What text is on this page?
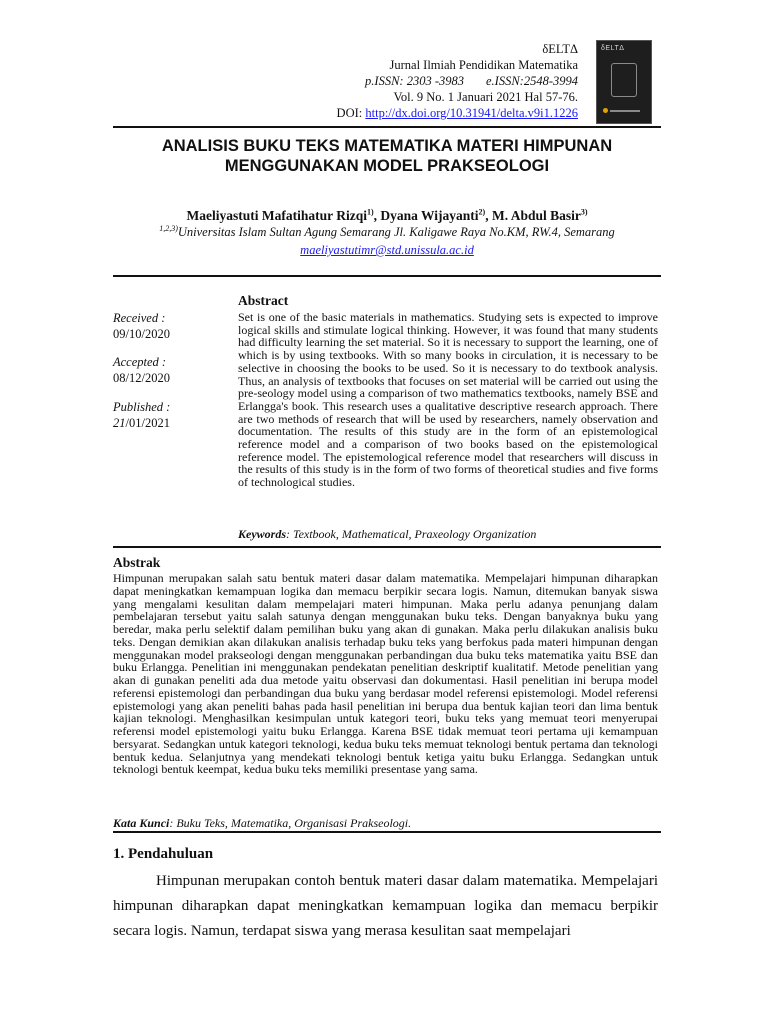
δELTΔ
Jurnal Ilmiah Pendidikan Matematika
p.ISSN: 2303 -3983 e.ISSN:2548-3994
Vol. 9 No. 1 Januari 2021 Hal 57-76.
DOI: http://dx.doi.org/10.31941/delta.v9i1.1226
δELTΔ
ANALISIS BUKU TEKS MATEMATIKA MATERI HIMPUNAN
MENGGUNAKAN MODEL PRAKSEOLOGI
Maeliyastuti Mafatihatur Rizqi$^{1)}$, Dyana Wijayanti$^{2)}$, M. Abdul Basir$^{3)}$
$^{1,2,3)}$Universitas Islam Sultan Agung Semarang Jl. Kaligawe Raya No.KM, RW.4, Semarang
maeliyastutimr@std.unissula.ac.id
Received :
09/10/2020
Accepted :
08/12/2020
Published :
21/01/2021
Abstract
Set is one of the basic materials in mathematics. Studying sets is expected to improve logical skills and stimulate logical thinking. However, it was found that many students had difficulty learning the set material. So it is necessary to support the learning, one of which is by using textbooks. With so many books in circulation, it is necessary to be selective in choosing the books to be used. So it is necessary to do textbook analysis. Thus, an analysis of textbooks that focuses on set material will be carried out using the pre-seology model using a comparison of two mathematics textbooks, namely BSE and Erlangga's book. This research uses a qualitative descriptive research approach. There are two methods of research that will be used by researchers, namely observation and documentation. The results of this study are in the form of an epistemological reference model and a comparison of two books based on the epistemological reference model. The epistemological reference model that researchers will discuss in the results of this study is in the form of two forms of theoretical studies and five forms of technological studies.
Keywords: Textbook, Mathematical, Praxeology Organization
Abstrak
Himpunan merupakan salah satu bentuk materi dasar dalam matematika. Mempelajari himpunan diharapkan dapat meningkatkan kemampuan logika dan memacu berpikir secara logis. Namun, ditemukan banyak siswa yang mengalami kesulitan dalam mempelajari materi himpunan. Maka perlu adanya penunjang dalam pembelajaran tersebut yaitu salah satunya dengan menggunakan buku teks. Dengan banyaknya buku yang beredar, maka perlu selektif dalam pemilihan buku yang akan di gunakan. Maka perlu dilakukan analisis buku teks. Dengan demikian akan dilakukan analisis terhadap buku teks yang berfokus pada materi himpunan dengan menggunakan model prakseologi dengan menggunakan perbandingan dua buku teks matematika yaitu BSE dan buku Erlangga. Penelitian ini menggunakan pendekatan penelitian deskriptif kualitatif. Metode penelitian yang akan di gunakan peneliti ada dua metode yaitu observasi dan dokumentasi. Hasil penelitian ini berupa model referensi epistemologi dan perbandingan dua buku yang berdasar model referensi epistemologi. Model referensi epistemologi yang akan peneliti bahas pada hasil penelitian ini berupa dua bentuk kajian teori dan lima bentuk kajian teknologi. Menghasilkan kesimpulan untuk kategori teori, buku teks yang memuat teori menyerupai referensi model epistemologi yaitu buku Erlangga. Karena BSE tidak memuat teori pertama uji kemampuan bersyarat. Sedangkan untuk kategori teknologi, kedua buku teks memuat teknologi bentuk pertama dan teknologi bentuk kedua. Selanjutnya yang mendekati teknologi bentuk ketiga yaitu buku Erlangga. Sedangkan untuk teknologi bentuk keempat, kedua buku teks memiliki presentase yang sama.
Kata Kunci: Buku Teks, Matematika, Organisasi Prakseologi.
1. Pendahuluan
Himpunan merupakan contoh bentuk materi dasar dalam matematika. Mempelajari himpunan diharapkan dapat meningkatkan kemampuan logika dan memacu berpikir secara logis. Namun, terdapat siswa yang merasa kesulitan saat mempelajari
